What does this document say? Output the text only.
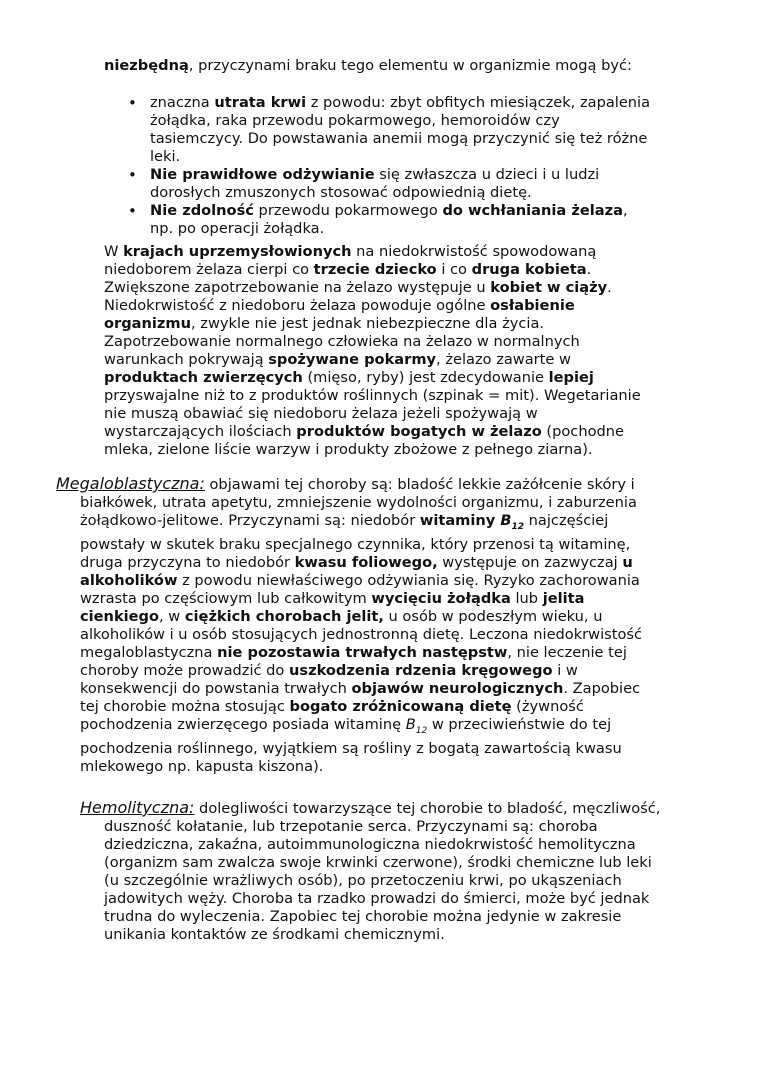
niezbędną, przyczynami braku tego elementu w organizmie mogą być:

• znaczna utrata krwi z powodu: zbyt obfitych miesiączek, zapalenia żołądka, raka przewodu pokarmowego, hemoroidów czy tasiemczycy. Do powstawania anemii mogą przyczynić się też różne leki.
• Nie prawidłowe odżywianie się zwłaszcza u dzieci i u ludzi dorosłych zmuszonych stosować odpowiednią dietę.
• Nie zdolność przewodu pokarmowego do wchłaniania żelaza, np. po operacji żołądka.

W krajach uprzemysłowionych na niedokrwistość spowodowaną niedoborem żelaza cierpi co trzecie dziecko i co druga kobieta. Zwiększone zapotrzebowanie na żelazo występuje u kobiet w ciąży. Niedokrwistość z niedoboru żelaza powoduje ogólne osłabienie organizmu, zwykle nie jest jednak niebezpieczne dla życia. Zapotrzebowanie normalnego człowieka na żelazo w normalnych warunkach pokrywają spożywane pokarmy, żelazo zawarte w produktach zwierzęcych (mięso, ryby) jest zdecydowanie lepiej przyswajalne niż to z produktów roślinnych (szpinak = mit). Wegetarianie nie muszą obawiać się niedoboru żelaza jeżeli spożywają w wystarczających ilościach produktów bogatych w żelazo (pochodne mleka, zielone liście warzyw i produkty zbożowe z pełnego ziarna).

Megaloblastyczna: objawami tej choroby są: bladość lekkie zażółcenie skóry i białkówek, utrata apetytu, zmniejszenie wydolności organizmu, i zaburzenia żołądkowo-jelitowe. Przyczynami są: niedobór witaminy $B_{12}$ najczęściej powstały w skutek braku specjalnego czynnika, który przenosi tą witaminę, druga przyczyna to niedobór kwasu foliowego, występuje on zazwyczaj u alkoholików z powodu niewłaściwego odżywiania się. Ryzyko zachorowania wzrasta po częściowym lub całkowitym wycięciu żołądka lub jelita cienkiego, w ciężkich chorobach jelit, u osób w podeszłym wieku, u alkoholików i u osób stosujących jednostronną dietę. Leczona niedokrwistość megaloblastyczna nie pozostawia trwałych następstw, nie leczenie tej choroby może prowadzić do uszkodzenia rdzenia kręgowego i w konsekwencji do powstania trwałych objawów neurologicznych. Zapobiec tej chorobie można stosując bogato zróżnicowaną dietę (żywność pochodzenia zwierzęcego posiada witaminę $B_{12}$ w przeciwieństwie do tej pochodzenia roślinnego, wyjątkiem są rośliny z bogatą zawartością kwasu mlekowego np. kapusta kiszona).

Hemolityczna: dolegliwości towarzyszące tej chorobie to bladość, męczliwość, duszność kołatanie, lub trzepotanie serca. Przyczynami są: choroba dziedziczna, zakaźna, autoimmunologiczna niedokrwistość hemolityczna (organizm sam zwalcza swoje krwinki czerwone), środki chemiczne lub leki (u szczególnie wrażliwych osób), po przetoczeniu krwi, po ukąszeniach jadowitych węży. Choroba ta rzadko prowadzi do śmierci, może być jednak trudna do wyleczenia. Zapobiec tej chorobie można jedynie w zakresie unikania kontaktów ze środkami chemicznymi.
